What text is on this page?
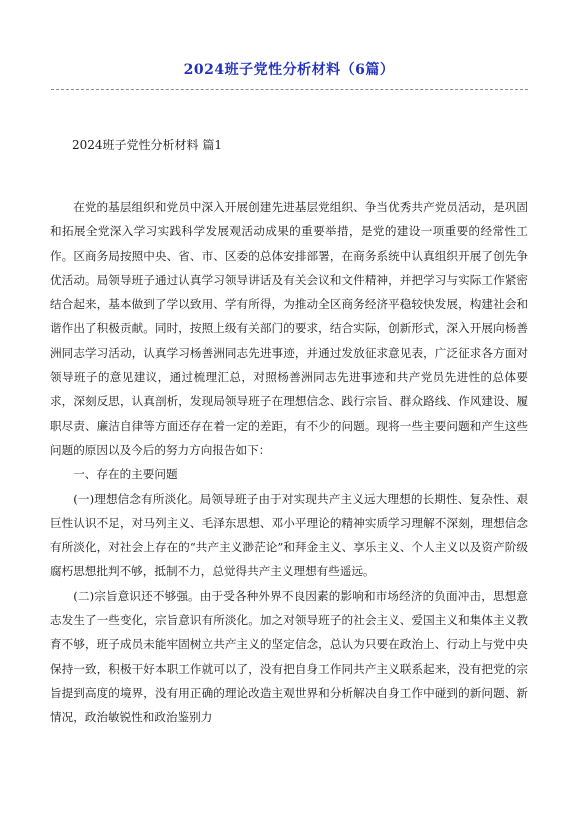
2024班子党性分析材料（6篇）
2024班子党性分析材料 篇1

在党的基层组织和党员中深入开展创建先进基层党组织、争当优秀共产党员活动，是巩固和拓展全党深入学习实践科学发展观活动成果的重要举措，是党的建设一项重要的经常性工作。区商务局按照中央、省、市、区委的总体安排部署，在商务系统中认真组织开展了创先争优活动。局领导班子通过认真学习领导讲话及有关会议和文件精神，并把学习与实际工作紧密结合起来，基本做到了学以致用、学有所得，为推动全区商务经济平稳较快发展，构建社会和谐作出了积极贡献。同时，按照上级有关部门的要求，结合实际，创新形式，深入开展向杨善洲同志学习活动，认真学习杨善洲同志先进事迹，并通过发放征求意见表，广泛征求各方面对领导班子的意见建议，通过梳理汇总，对照杨善洲同志先进事迹和共产党员先进性的总体要求，深刻反思，认真剖析，发现局领导班子在理想信念、践行宗旨、群众路线、作风建设、履职尽责、廉洁自律等方面还存在着一定的差距，有不少的问题。现将一些主要问题和产生这些问题的原因以及今后的努力方向报告如下：

一、存在的主要问题

(一)理想信念有所淡化。局领导班子由于对实现共产主义远大理想的长期性、复杂性、艰巨性认识不足，对马列主义、毛泽东思想、邓小平理论的精神实质学习理解不深刻，理想信念有所淡化，对社会上存在的“共产主义渺茫论”和拜金主义、享乐主义、个人主义以及资产阶级腐朽思想批判不够，抵制不力，总觉得共产主义理想有些遥远。

(二)宗旨意识还不够强。由于受各种外界不良因素的影响和市场经济的负面冲击，思想意志发生了一些变化，宗旨意识有所淡化。加之对领导班子的社会主义、爱国主义和集体主义教育不够，班子成员未能牢固树立共产主义的坚定信念，总认为只要在政治上、行动上与党中央保持一致，积极干好本职工作就可以了，没有把自身工作同共产主义联系起来，没有把党的宗旨提到高度的境界，没有用正确的理论改造主观世界和分析解决自身工作中碰到的新问题、新情况，政治敏锐性和政治鉴别力
